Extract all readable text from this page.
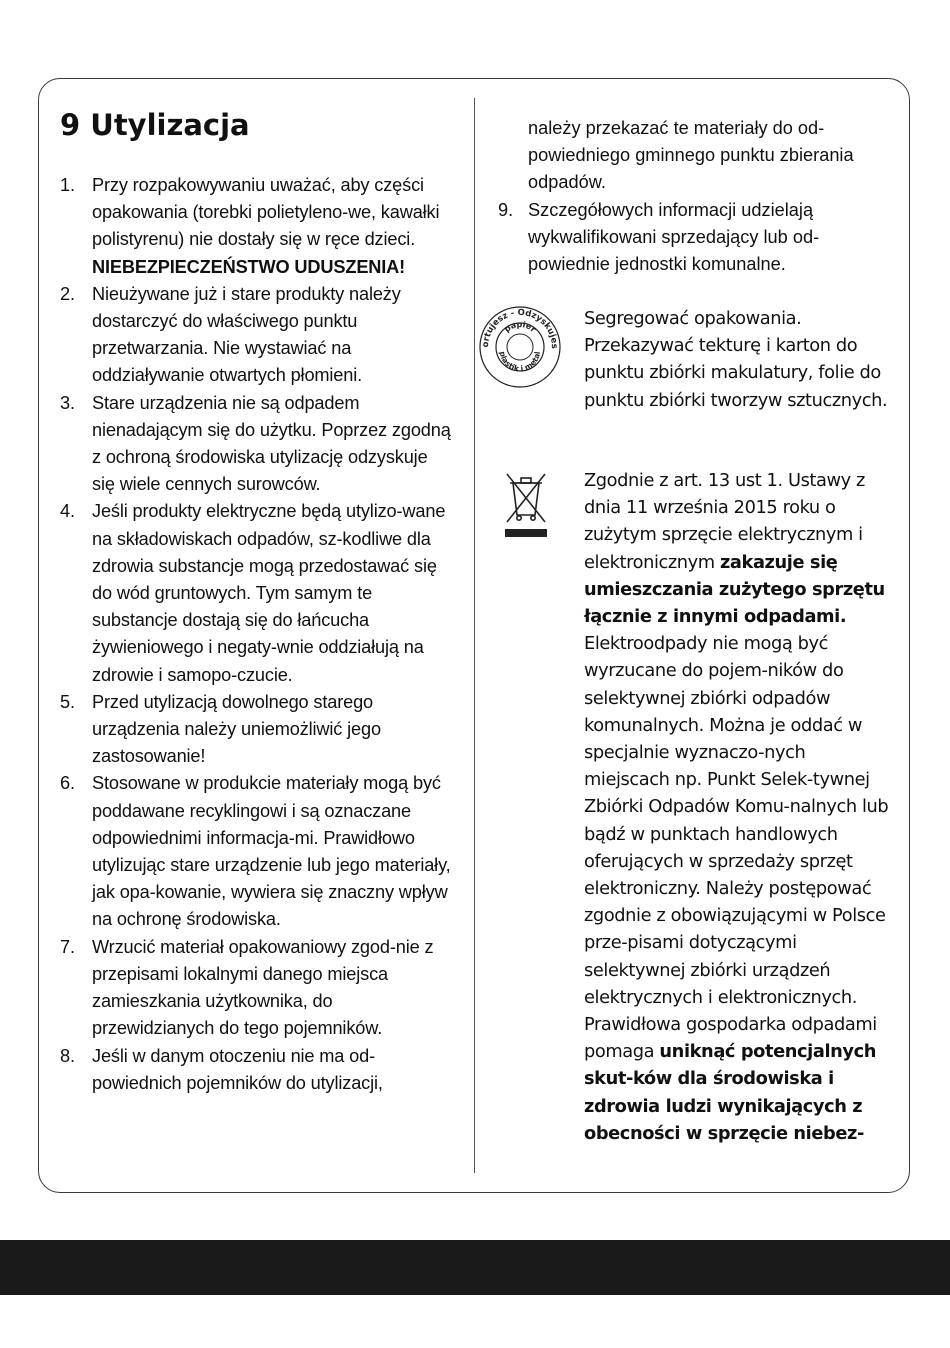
9 Utylizacja
1. Przy rozpakowywaniu uważać, aby części opakowania (torebki polietyleno-we, kawałki polistyrenu) nie dostały się w ręce dzieci.
NIEBEZPIECZEŃSTWO UDUSZENIA!
2. Nieużywane już i stare produkty należy dostarczyć do właściwego punktu przetwarzania. Nie wystawiać na oddziaływanie otwartych płomieni.
3. Stare urządzenia nie są odpadem nienadającym się do użytku. Poprzez zgodną z ochroną środowiska utylizację odzyskuje się wiele cennych surowców.
4. Jeśli produkty elektryczne będą utylizo-wane na składowiskach odpadów, sz-kodliwe dla zdrowia substancje mogą przedostawać się do wód gruntowych. Tym samym te substancje dostają się do łańcucha żywieniowego i negaty-wnie oddziałują na zdrowie i samopo-czucie.
5. Przed utylizacją dowolnego starego urządzenia należy uniemożliwić jego zastosowanie!
6. Stosowane w produkcie materiały mogą być poddawane recyklingowi i są oznaczane odpowiednimi informacja-mi. Prawidłowo utylizując stare urządzenie lub jego materiały, jak opa-kowanie, wywiera się znaczny wpływ na ochronę środowiska.
7. Wrzucić materiał opakowaniowy zgod-nie z przepisami lokalnymi danego miejsca zamieszkania użytkownika, do przewidzianych do tego pojemników.
8. Jeśli w danym otoczeniu nie ma od-powiednich pojemników do utylizacji,
należy przekazać te materiały do od-powiedniego gminnego punktu zbierania odpadów.
9. Szczegółowych informacji udzielają wykwalifikowani sprzedający lub od-powiednie jednostki komunalne.
ortujesz - Odzyskujes
papier
plastik i metal
Segregować opakowania. Przekazywać tekturę i karton do punktu zbiórki makulatury, folie do punktu zbiórki tworzyw sztucznych.
Zgodnie z art. 13 ust 1. Ustawy z dnia 11 września 2015 roku o zużytym sprzęcie elektrycznym i elektronicznym zakazuje się umieszczania zużytego sprzętu łącznie z innymi odpadami. Elektroodpady nie mogą być wyrzucane do pojem-ników do selektywnej zbiórki odpadów komunalnych. Można je oddać w specjalnie wyznaczo-nych miejscach np. Punkt Selek-tywnej Zbiórki Odpadów Komu-nalnych lub bądź w punktach handlowych oferujących w sprzedaży sprzęt elektroniczny. Należy postępować zgodnie z obowiązującymi w Polsce prze-pisami dotyczącymi selektywnej zbiórki urządzeń elektrycznych i elektronicznych. Prawidłowa gospodarka odpadami pomaga uniknąć potencjalnych skut-ków dla środowiska i zdrowia ludzi wynikających z obecności w sprzęcie niebez-
